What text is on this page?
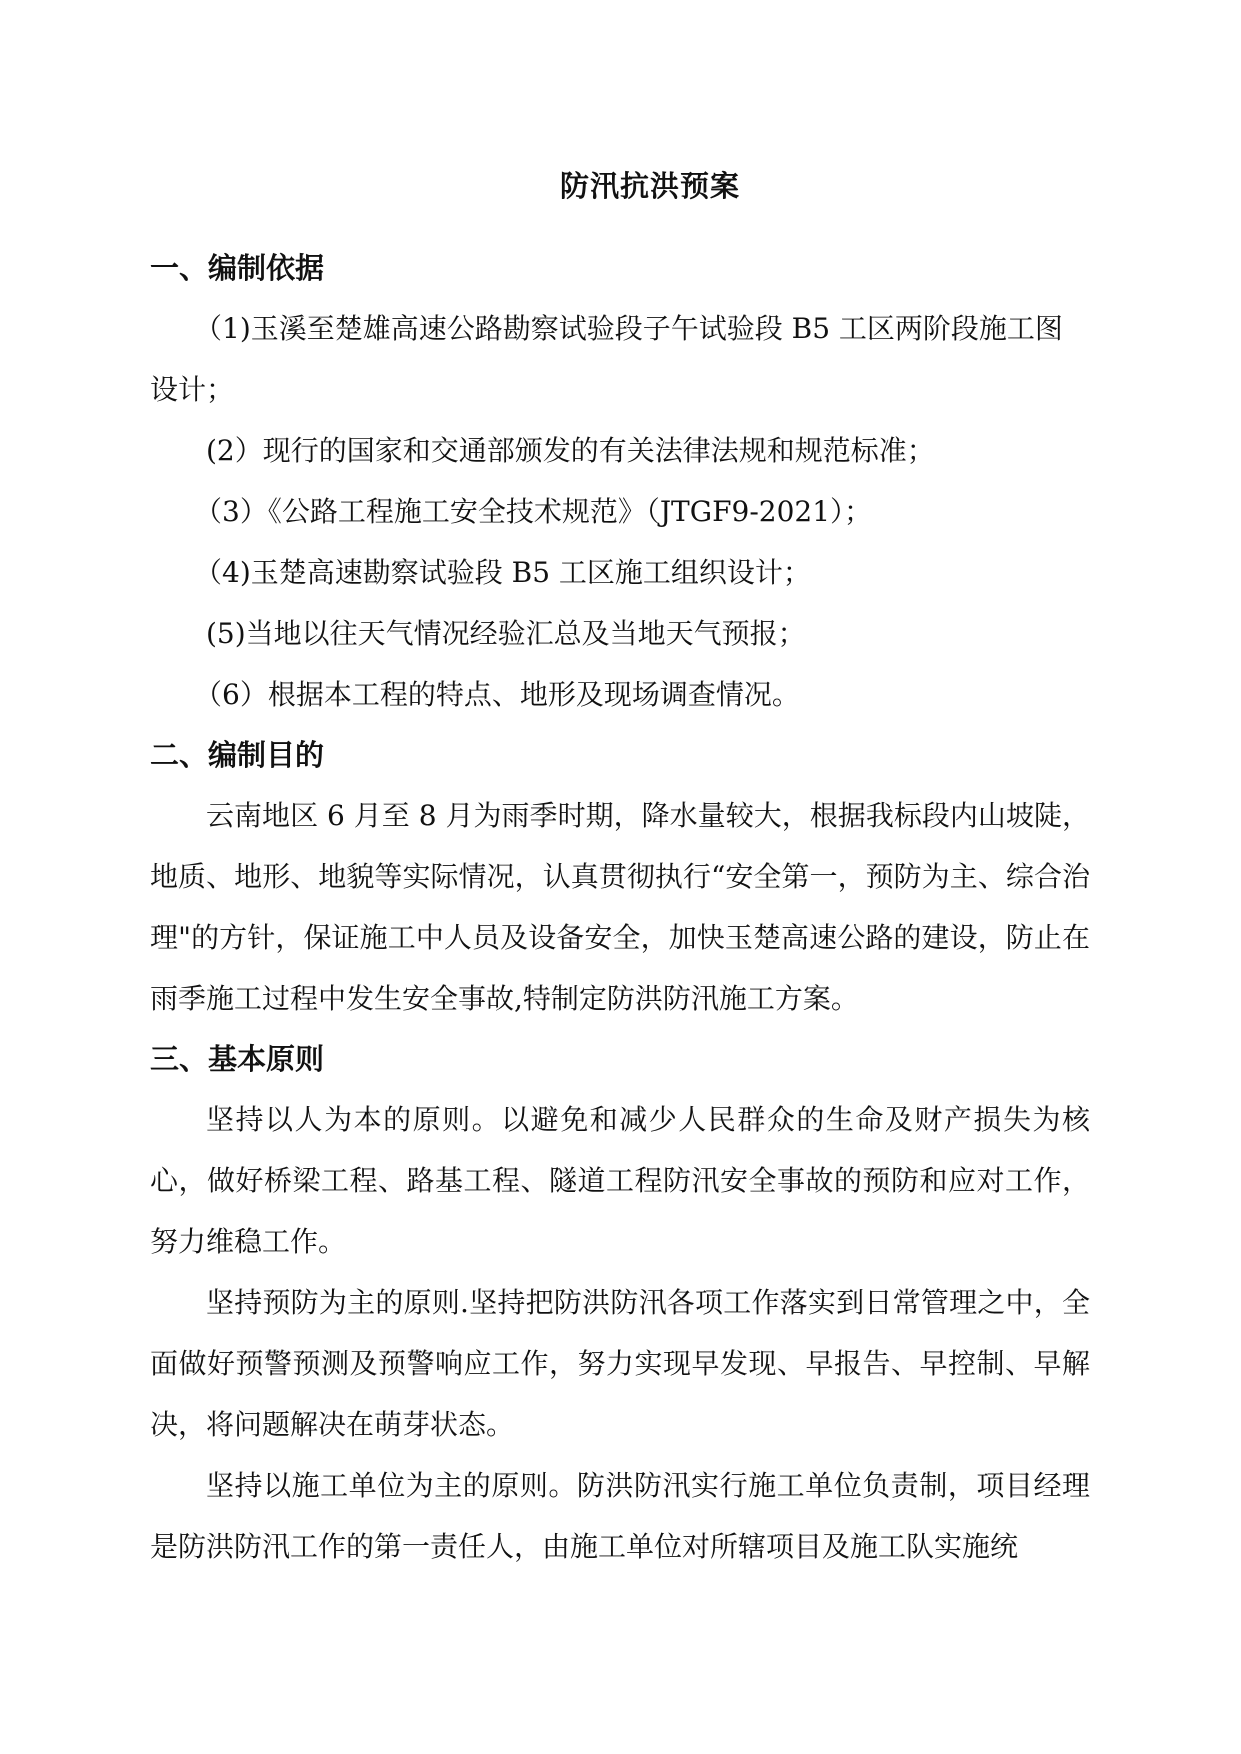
防汛抗洪预案
一、编制依据

（1)玉溪至楚雄高速公路勘察试验段子午试验段 B5 工区两阶段施工图设计；

(2）现行的国家和交通部颁发的有关法律法规和规范标准；

（3）《公路工程施工安全技术规范》（JTGF9-2021）；

（4)玉楚高速勘察试验段 B5 工区施工组织设计；

(5)当地以往天气情况经验汇总及当地天气预报；

（6）根据本工程的特点、地形及现场调查情况。

二、编制目的

云南地区 6 月至 8 月为雨季时期，降水量较大，根据我标段内山坡陡，地质、地形、地貌等实际情况，认真贯彻执行“安全第一，预防为主、综合治理"的方针，保证施工中人员及设备安全，加快玉楚高速公路的建设，防止在雨季施工过程中发生安全事故,特制定防洪防汛施工方案。

三、基本原则

坚持以人为本的原则。以避免和减少人民群众的生命及财产损失为核心，做好桥梁工程、路基工程、隧道工程防汛安全事故的预防和应对工作，努力维稳工作。

坚持预防为主的原则.坚持把防洪防汛各项工作落实到日常管理之中，全面做好预警预测及预警响应工作，努力实现早发现、早报告、早控制、早解决，将问题解决在萌芽状态。

坚持以施工单位为主的原则。防洪防汛实行施工单位负责制，项目经理是防洪防汛工作的第一责任人，由施工单位对所辖项目及施工队实施统
